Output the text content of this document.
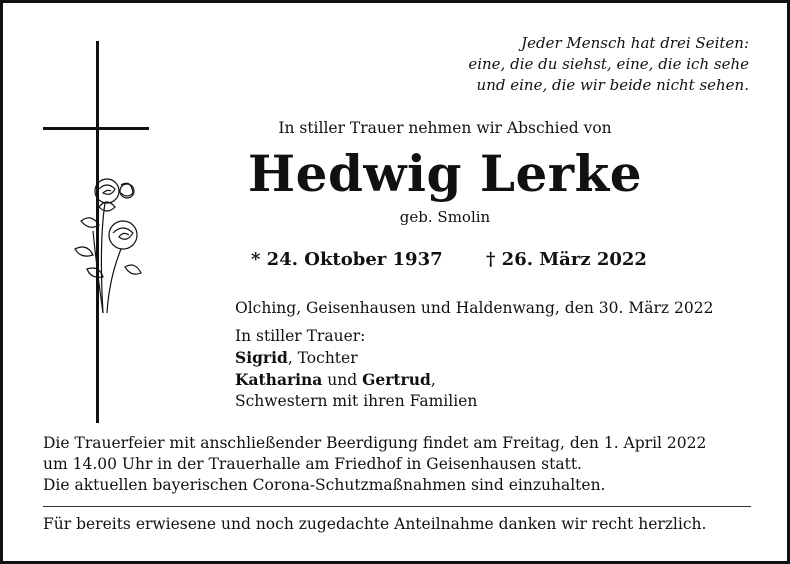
Jeder Mensch hat drei Seiten:
eine, die du siehst, eine, die ich sehe
und eine, die wir beide nicht sehen.
In stiller Trauer nehmen wir Abschied von
Hedwig Lerke
geb. Smolin
* 24. Oktober 1937 † 26. März 2022
Olching, Geisenhausen und Haldenwang, den 30. März 2022
In stiller Trauer:
Sigrid, Tochter
Katharina und Gertrud,
Schwestern mit ihren Familien
Die Trauerfeier mit anschließender Beerdigung findet am Freitag, den 1. April 2022
um 14.00 Uhr in der Trauerhalle am Friedhof in Geisenhausen statt.
Die aktuellen bayerischen Corona-Schutzmaßnahmen sind einzuhalten.
Für bereits erwiesene und noch zugedachte Anteilnahme danken wir recht herzlich.
